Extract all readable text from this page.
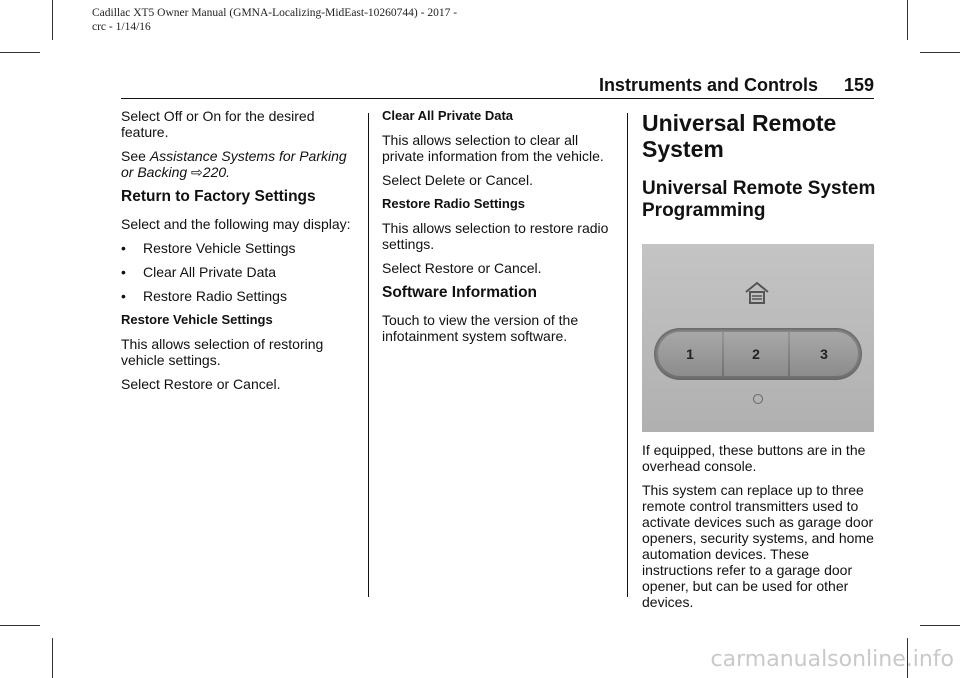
Cadillac XT5 Owner Manual (GMNA-Localizing-MidEast-10260744) - 2017 -
crc - 1/14/16
Instruments and Controls 159

Select Off or On for the desired feature.

See Assistance Systems for Parking or Backing ⇨220.

Return to Factory Settings

Select and the following may display:

• Restore Vehicle Settings

• Clear All Private Data

• Restore Radio Settings

Restore Vehicle Settings

This allows selection of restoring vehicle settings.

Select Restore or Cancel.

Clear All Private Data

This allows selection to clear all private information from the vehicle.

Select Delete or Cancel.

Restore Radio Settings

This allows selection to restore radio settings.

Select Restore or Cancel.

Software Information

Touch to view the version of the infotainment system software.

Universal Remote System
Universal Remote System Programming
1	2	3

If equipped, these buttons are in the overhead console.

This system can replace up to three remote control transmitters used to activate devices such as garage door openers, security systems, and home automation devices. These instructions refer to a garage door opener, but can be used for other devices.

carmanualsonline.info
